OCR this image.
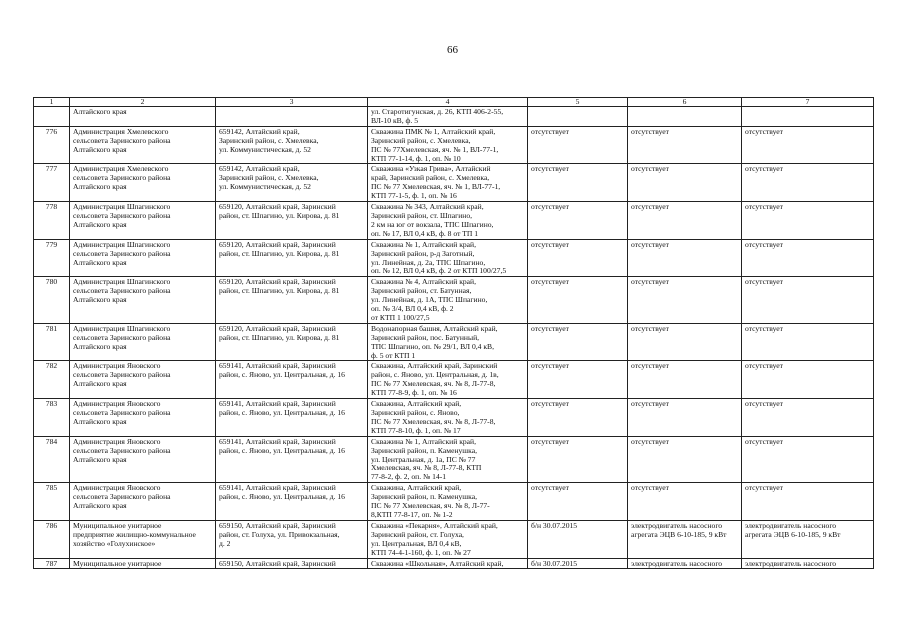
66
1	2	3	4	5	6	7
	Алтайского края		ул. Старотигунская, д. 26, КТП 406-2-55,
ВЛ-10 кВ, ф. 5			
776	Администрация Хмелевского
сельсовета Заринского района
Алтайского края	659142, Алтайский край,
Заринский район, с. Хмелевка,
ул. Коммунистическая, д. 52	Скважина ПМК № 1, Алтайский край,
Заринский район, с. Хмелевка,
ПС № 77Хмелевская, яч. № 1, ВЛ-77-1,
КТП 77-1-14, ф. 1, оп. № 10	отсутствует	отсутствует	отсутствует
777	Администрация Хмелевского
сельсовета Заринского района
Алтайского края	659142, Алтайский край,
Заринский район, с. Хмелевка,
ул. Коммунистическая, д. 52	Скважина «Узкая Грива», Алтайский
край, Заринский район, с. Хмелевка,
ПС № 77 Хмелевская, яч. № 1, ВЛ-77-1,
КТП 77-1-5, ф. 1, оп. № 16	отсутствует	отсутствует	отсутствует
778	Администрация Шпагинского
сельсовета Заринского района
Алтайского края	659120, Алтайский край, Заринский
район, ст. Шпагино, ул. Кирова, д. 81	Скважина № 343, Алтайский край,
Заринский район, ст. Шпагино,
2 км на юг от вокзала, ТПС Шпагино,
оп. № 17, ВЛ 0,4 кВ, ф. 8 от ТП 1	отсутствует	отсутствует	отсутствует
779	Администрация Шпагинского
сельсовета Заринского района
Алтайского края	659120, Алтайский край, Заринский
район, ст. Шпагино, ул. Кирова, д. 81	Скважина № 1, Алтайский край,
Заринский район, р-д Заготный,
ул. Линейная, д. 2а, ТПС Шпагино,
оп. № 12, ВЛ 0,4 кВ, ф. 2 от КТП 100/27,5	отсутствует	отсутствует	отсутствует
780	Администрация Шпагинского
сельсовета Заринского района
Алтайского края	659120, Алтайский край, Заринский
район, ст. Шпагино, ул. Кирова, д. 81	Скважина № 4, Алтайский край,
Заринский район, ст. Батунная,
ул. Линейная, д. 1А, ТПС Шпагино,
оп. № 3/4, ВЛ 0,4 кВ, ф. 2
от КТП 1 100/27,5	отсутствует	отсутствует	отсутствует
781	Администрация Шпагинского
сельсовета Заринского района
Алтайского края	659120, Алтайский край, Заринский
район, ст. Шпагино, ул. Кирова, д. 81	Водонапорная башня, Алтайский край,
Заринский район, пос. Батунный,
ТПС Шпагино, оп. № 29/1, ВЛ 0,4 кВ,
ф. 5 от КТП 1	отсутствует	отсутствует	отсутствует
782	Администрация Яновского
сельсовета Заринского района
Алтайского края	659141, Алтайский край, Заринский
район, с. Яново, ул. Центральная, д. 16	Скважина, Алтайский край, Заринский
район, с. Яново, ул. Центральная, д. 1в,
ПС № 77 Хмелевская, яч. № 8, Л-77-8,
КТП 77-8-9, ф. 1, оп. № 16	отсутствует	отсутствует	отсутствует
783	Администрация Яновского
сельсовета Заринского района
Алтайского края	659141, Алтайский край, Заринский
район, с. Яново, ул. Центральная, д. 16	Скважина, Алтайский край,
Заринский район, с. Яново,
ПС № 77 Хмелевская, яч. № 8, Л-77-8,
КТП 77-8-10, ф. 1, оп. № 17	отсутствует	отсутствует	отсутствует
784	Администрация Яновского
сельсовета Заринского района
Алтайского края	659141, Алтайский край, Заринский
район, с. Яново, ул. Центральная, д. 16	Скважина № 1, Алтайский край,
Заринский район, п. Каменушка,
ул. Центральная, д. 1а, ПС № 77
Хмелевская, яч. № 8, Л-77-8, КТП
77-8-2, ф. 2, оп. № 14-1	отсутствует	отсутствует	отсутствует
785	Администрация Яновского
сельсовета Заринского района
Алтайского края	659141, Алтайский край, Заринский
район, с. Яново, ул. Центральная, д. 16	Скважина, Алтайский край,
Заринский район, п. Каменушка,
ПС № 77 Хмелевская, яч. № 8, Л-77-
8,КТП 77-8-17, оп. № 1-2	отсутствует	отсутствует	отсутствует
786	Муниципальное унитарное
предприятие жилищно-коммунальное
хозяйство «Голухинское»	659150, Алтайский край, Заринский
район, ст. Голуха, ул. Привокзальная,
д. 2	Скважина «Пекарня», Алтайский край,
Заринский район, ст. Голуха,
ул. Центральная, ВЛ 0,4 кВ,
КТП 74-4-1-160, ф. 1, оп. № 27	б/н 30.07.2015	электродвигатель насосного
агрегата ЭЦВ 6-10-185, 9 кВт	электродвигатель насосного
агрегата ЭЦВ 6-10-185, 9 кВт
787	Муниципальное унитарное	659150, Алтайский край, Заринский	Скважина «Школьная», Алтайский край,	б/н 30.07.2015	электродвигатель насосного	электродвигатель насосного
